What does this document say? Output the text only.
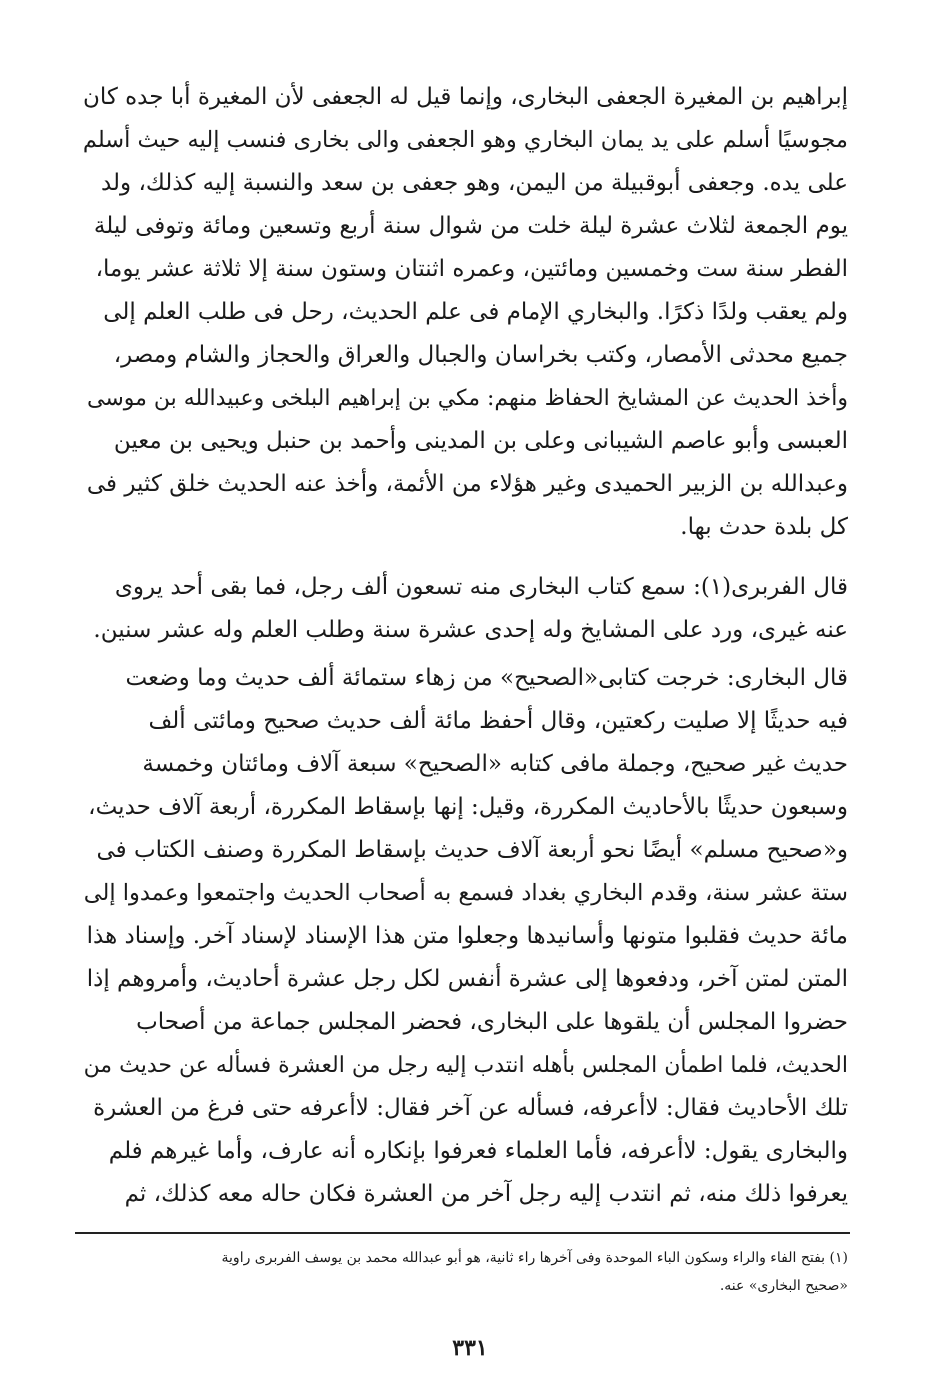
إبراهيم بن المغيرة الجعفى البخارى، وإنما قيل له الجعفى لأن المغيرة أبا جده كان
مجوسيًا أسلم على يد يمان البخاري وهو الجعفى والى بخارى فنسب إليه حيث أسلم
على يده. وجعفى أبوقبيلة من اليمن، وهو جعفى بن سعد والنسبة إليه كذلك، ولد
يوم الجمعة لثلاث عشرة ليلة خلت من شوال سنة أربع وتسعين ومائة وتوفى ليلة
الفطر سنة ست وخمسين ومائتين، وعمره اثنتان وستون سنة إلا ثلاثة عشر يوما،
ولم يعقب ولدًا ذكرًا. والبخاري الإمام فى علم الحديث، رحل فى طلب العلم إلى
جميع محدثى الأمصار، وكتب بخراسان والجبال والعراق والحجاز والشام ومصر،
وأخذ الحديث عن المشايخ الحفاظ منهم: مكي بن إبراهيم البلخى وعبيدالله بن موسى
العبسى وأبو عاصم الشيبانى وعلى بن المدينى وأحمد بن حنبل ويحيى بن معين
وعبدالله بن الزبير الحميدى وغير هؤلاء من الأئمة، وأخذ عنه الحديث خلق كثير فى
كل بلدة حدث بها.
قال الفربرى(١): سمع كتاب البخارى منه تسعون ألف رجل، فما بقى أحد يروى
عنه غيرى، ورد على المشايخ وله إحدى عشرة سنة وطلب العلم وله عشر سنين.
قال البخارى: خرجت كتابى«الصحيح» من زهاء ستمائة ألف حديث وما وضعت
فيه حديثًا إلا صليت ركعتين، وقال أحفظ مائة ألف حديث صحيح ومائتى ألف
حديث غير صحيح، وجملة مافى كتابه «الصحيح» سبعة آلاف ومائتان وخمسة
وسبعون حديثًا بالأحاديث المكررة، وقيل: إنها بإسقاط المكررة، أربعة آلاف حديث،
و«صحيح مسلم» أيضًا نحو أربعة آلاف حديث بإسقاط المكررة وصنف الكتاب فى
ستة عشر سنة، وقدم البخاري بغداد فسمع به أصحاب الحديث واجتمعوا وعمدوا إلى
مائة حديث فقلبوا متونها وأسانيدها وجعلوا متن هذا الإسناد لإسناد آخر. وإسناد هذا
المتن لمتن آخر، ودفعوها إلى عشرة أنفس لكل رجل عشرة أحاديث، وأمروهم إذا
حضروا المجلس أن يلقوها على البخارى، فحضر المجلس جماعة من أصحاب
الحديث، فلما اطمأن المجلس بأهله انتدب إليه رجل من العشرة فسأله عن حديث من
تلك الأحاديث فقال: لاأعرفه، فسأله عن آخر فقال: لاأعرفه حتى فرغ من العشرة
والبخارى يقول: لاأعرفه، فأما العلماء فعرفوا بإنكاره أنه عارف، وأما غيرهم فلم
يعرفوا ذلك منه، ثم انتدب إليه رجل آخر من العشرة فكان حاله معه كذلك، ثم
(١) بفتح الفاء والراء وسكون الباء الموحدة وفى آخرها راء ثانية، هو أبو عبدالله محمد بن يوسف الفربرى راوية
«صحيح البخارى» عنه.
٣٣١
